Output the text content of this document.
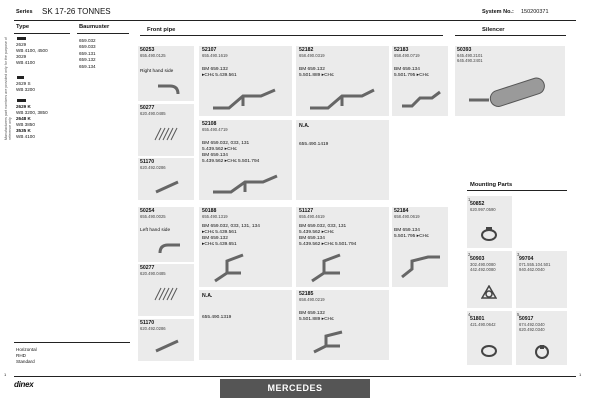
Series SK 17-26 TONNES	System No.: 150200371
Manufacturers part numbers are provided only for the purpose of reference only
Type	Baumuster
2629
WB 4100, 4500
3029
WB 4100
2629 S
WB 3200
2629 K
WB 3200, 3850
2648 K
WB 3850
3535 K
WB 4100
659.032
659.033
659.131
659.132
659.134
Horizontal
RHD
Standard
Front pipe	Silencer
50253
655.490.0125
Right hand side
50277
620.490.0485
51170
620.492.0286
50254
655.490.0025
Left hand side
50277
620.490.0485
51170
620.492.0286
52107
655.490.1619
BM 659.132
▸CH≤ 5.439.561
52108
655.490.4719
BM 659.032, 033, 131
5.439.562 ▸CH≤
BM 659.134
5.439.562 ▸CH≤ 5.501.794
50188
655.490.1319
BM 659.032, 033, 131, 134
▸CH≤ 5.439.561
BM 659.132
▸CH≤ 5.439.651
N.A.
655.490.1319
52182
658.490.0319
BM 659.132
5.501.889 ▸CH≤
N.A.
655.490.1419
51127
655.490.4619
BM 659.032, 033, 131
5.439.562 ▸CH≤
BM 659.134
5.439.562 ▸CH≤ 5.501.794
52185
658.490.0219
BM 659.132
5.501.889 ▸CH≤
52183
658.490.0719
BM 659.134
5.501.795 ▸CH≤
52184
658.490.0619
BM 659.134
5.501.795 ▸CH≤
50393
645.490.2101
645.490.2401
Mounting Parts
1.
50852
620.997.0590
2.
50903
302.490.0080
442.492.0080
3.
99704
071.555.104.501
940.462.0040
4.
51801
421.490.0642
5.
50917
674.492.0340
620.492.0340
1	1
dinex	MERCEDES
